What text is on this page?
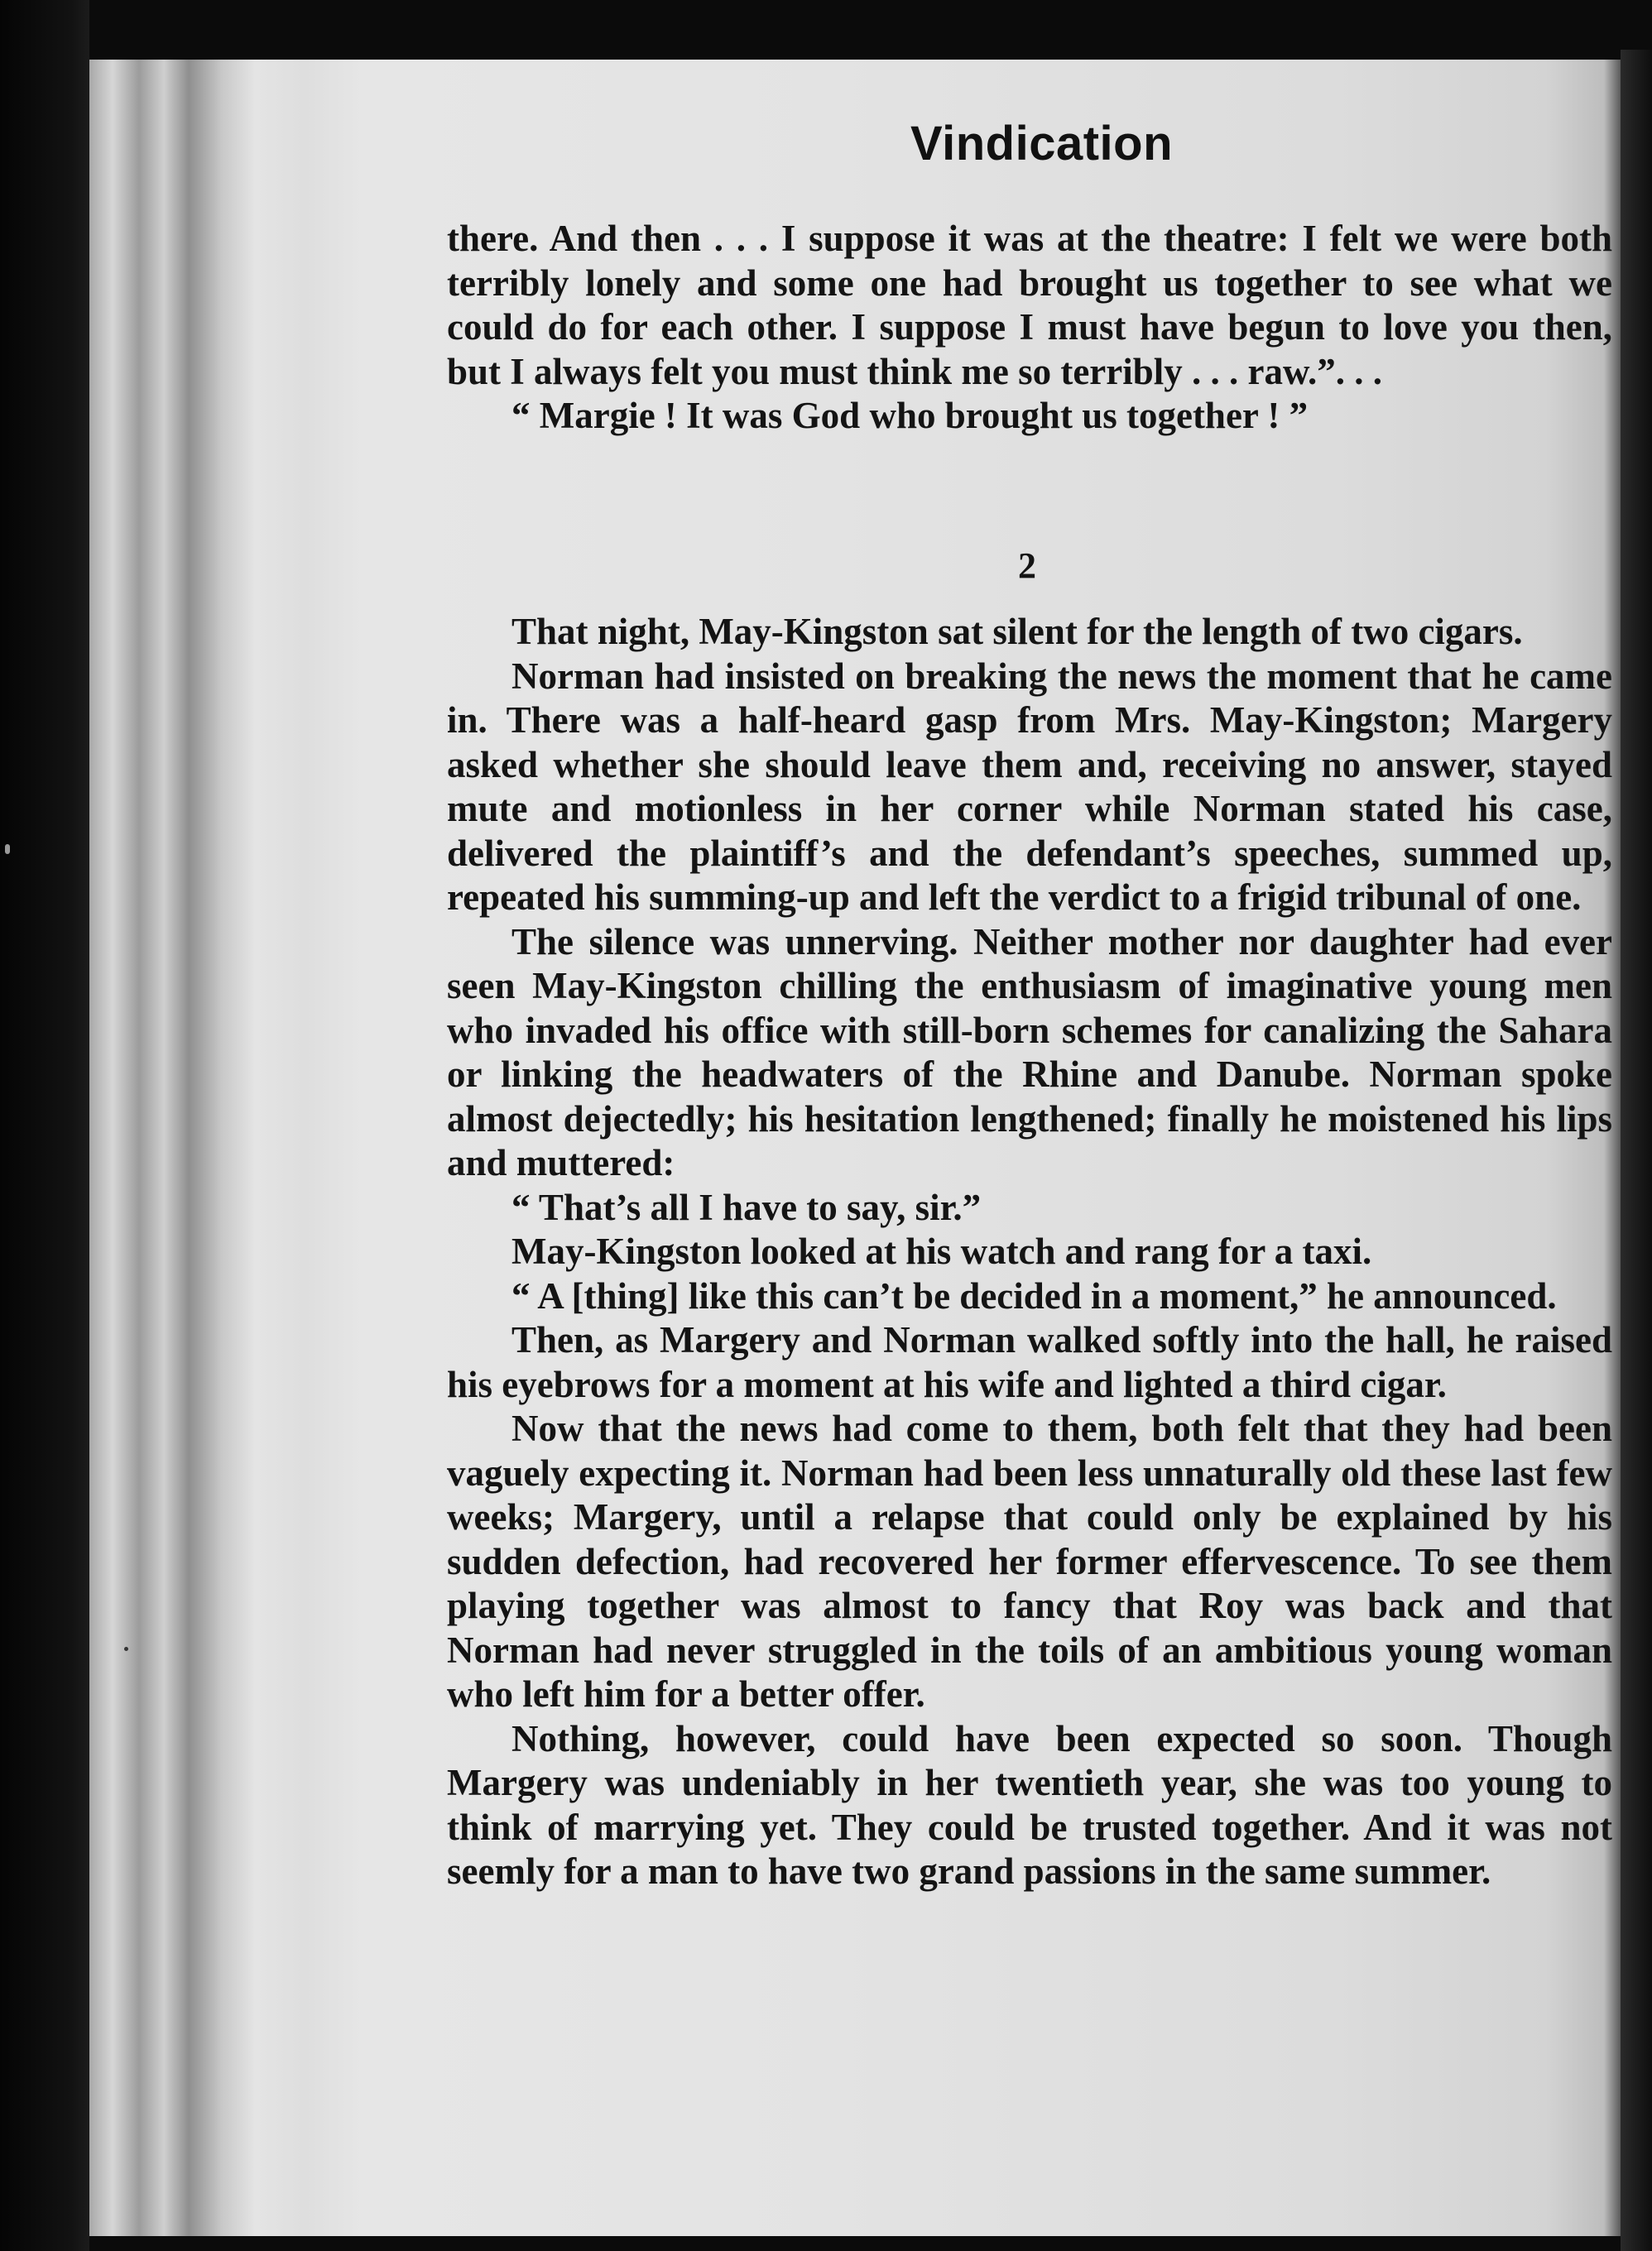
Vindication

there. And then . . . I suppose it was at the theatre: I felt we were both terribly lonely and some one had brought us together to see what we could do for each other. I suppose I must have begun to love you then, but I always felt you must think me so terribly . . . raw.”. . .

“ Margie ! It was God who brought us together ! ”

2

That night, May-Kingston sat silent for the length of two cigars.

Norman had insisted on breaking the news the moment that he came in. There was a half-heard gasp from Mrs. May-Kingston; Margery asked whether she should leave them and, receiving no answer, stayed mute and motionless in her corner while Norman stated his case, delivered the plaintiff’s and the defendant’s speeches, summed up, repeated his summing-up and left the verdict to a frigid tribunal of one.

The silence was unnerving. Neither mother nor daughter had ever seen May-Kingston chilling the enthusiasm of imaginative young men who invaded his office with still-born schemes for canalizing the Sahara or linking the headwaters of the Rhine and Danube. Norman spoke almost dejectedly; his hesitation lengthened; finally he moistened his lips and muttered:

“ That’s all I have to say, sir.”

May-Kingston looked at his watch and rang for a taxi.

“ A [thing] like this can’t be decided in a moment,” he announced.

Then, as Margery and Norman walked softly into the hall, he raised his eyebrows for a moment at his wife and lighted a third cigar.

Now that the news had come to them, both felt that they had been vaguely expecting it. Norman had been less unnaturally old these last few weeks; Margery, until a relapse that could only be explained by his sudden defection, had recovered her former effervescence. To see them playing together was almost to fancy that Roy was back and that Norman had never struggled in the toils of an ambitious young woman who left him for a better offer.

Nothing, however, could have been expected so soon. Though Margery was undeniably in her twentieth year, she was too young to think of marrying yet. They could be trusted together. And it was not seemly for a man to have two grand passions in the same summer.
